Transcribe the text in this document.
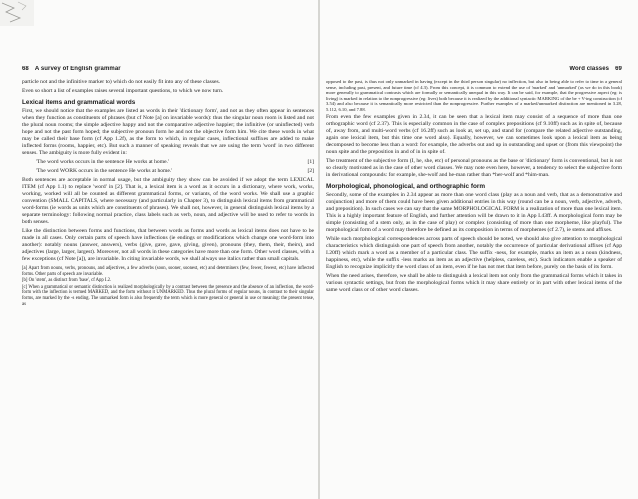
68 A survey of English grammar

particle not and the infinitive marker to) which do not easily fit into any of these classes.

Even so short a list of examples raises several important questions, to which we now turn.

Lexical items and grammatical words

First, we should notice that the examples are listed as words in their 'dictionary form', and not as they often appear in sentences when they function as constituents of phrases (but cf Note [a] on invariable words): thus the singular noun room is listed and not the plural noun rooms; the simple adjective happy and not the comparative adjective happier; the infinitive (or uninflected) verb hope and not the past form hoped; the subjective pronoun form he and not the objective form him. We cite these words in what may be called their base form (cf App 1.2f), as the form to which, in regular cases, inflectional suffixes are added to make inflected forms (rooms, happier, etc). But such a manner of speaking reveals that we are using the term 'word' in two different senses. The ambiguity is more fully evident in:

'The word works occurs in the sentence He works at home.'	[1]
'The word WORK occurs in the sentence He works at home.'	[2]

Both sentences are acceptable in normal usage, but the ambiguity they show can be avoided if we adopt the term LEXICAL ITEM (cf App 1.1) to replace 'word' in [2]. That is, a lexical item is a word as it occurs in a dictionary, where work, works, working, worked will all be counted as different grammatical forms, or variants, of the word works. We shall use a graphic convention (SMALL CAPITALS, where necessary (and particularly in Chapter 3), to distinguish lexical items from grammatical word-forms (ie words as units which are constituents of phrases). We shall not, however, in general distinguish lexical items by a separate terminology: following normal practice, class labels such as verb, noun, and adjective will be used to refer to words in both senses.

Like the distinction between forms and functions, that between words as forms and words as lexical items does not have to be made in all cases. Only certain parts of speech have inflections (ie endings or modifications which change one word-form into another): notably nouns (answer, answers), verbs (give, gave, gave, giving, given), pronouns (they, them, their, theirs), and adjectives (large, larger, largest). Moreover, not all words in these categories have more than one form. Other word classes, with a few exceptions (cf Note [a]), are invariable. In citing invariable words, we shall always use italics rather than small capitals.

[a] Apart from nouns, verbs, pronouns, and adjectives, a few adverbs (soon, sooner, soonest, etc) and determiners (few, fewer, fewest, etc) have inflected forms. Other parts of speech are invariable.

[b] On 'stem', as distinct from 'base', cf App I.2.

[c] When a grammatical or semantic distinction is realized morphologically by a contrast between the presence and the absence of an inflection, the word-form with the inflection is termed MARKED, and the form without it UNMARKED. Thus the plural forms of regular nouns, in contrast to their singular forms, are marked by the -s ending. The unmarked form is also frequently the term which is more general or general in use or meaning: the present tense, as

Word classes 69

opposed to the past, is thus not only unmarked in having (except in the third person singular) no inflection, but also in being able to refer to time in a general sense, including past, present, and future time (cf 4.3). From this concept, it is common to extend the use of 'marked' and 'unmarked' (as we do in this book) more generally to grammatical contrasts which are formally or semantically unequal in this way. It can be said, for example, that the progressive aspect (eg: is living) is marked in relation to the nonprogressive (eg: lives) both because it is realized by the additional syntactic MARKING of the be + V-ing construction (cf 3.54) and also because it is semantically more restricted than the nonprogressive. Further examples of a marked/unmarked distinction are mentioned in 3.28, 5.112, 6.10, and 7.88.

From even the few examples given in 2.34, it can be seen that a lexical item may consist of a sequence of more than one orthographic word (cf 2.37). This is especially common in the case of complex prepositions (cf 9.10ff) such as in spite of, because of, away from, and multi-word verbs (cf 16.2ff) such as look at, set up, and stand for (compare the related adjective outstanding, again one lexical item, but this time one word also). Equally, however, we can sometimes look upon a lexical item as being decomposed to become less than a word: for example, the adverbs out and up in outstanding and upset or (from this viewpoint) the noun spite and the preposition in and of in in spite of.

The treatment of the subjective form (I, he, she, etc) of personal pronouns as the base or 'dictionary' form is conventional, but is not so clearly motivated as in the case of other word classes. We may note even here, however, a tendency to select the subjective form in derivational compounds: for example, she-wolf and he-man rather than *her-wolf and *him-man.

Morphological, phonological, and orthographic form

Secondly, some of the examples in 2.34 appear as more than one word class (play as a noun and verb, that as a demonstrative and conjunction) and more of them could have been given additional entries in this way (round can be a noun, verb, adjective, adverb, and preposition). In such cases we can say that the same MORPHOLOGICAL FORM is a realization of more than one lexical item. This is a highly important feature of English, and further attention will be drawn to it in App I.43ff. A morphological form may be simple (consisting of a stem only, as in the case of play) or complex (consisting of more than one morpheme, like playful). The morphological form of a word may therefore be defined as its composition in terms of morphemes (cf 2.7), ie stems and affixes.

While such morphological correspondences across parts of speech should be noted, we should also give attention to morphological characteristics which distinguish one part of speech from another, notably the occurrence of particular derivational affixes (cf App I.20ff) which mark a word as a member of a particular class. The suffix -ness, for example, marks an item as a noun (kindness, happiness, etc), while the suffix -less marks an item as an adjective (helpless, careless, etc). Such indicators enable a speaker of English to recognize implicitly the word class of an item, even if he has not met that item before, purely on the basis of its form.

When the need arises, therefore, we shall be able to distinguish a lexical item not only from the grammatical forms which it takes in various syntactic settings, but from the morphological forms which it may share entirely or in part with other lexical items of the same word class or of other word classes.
